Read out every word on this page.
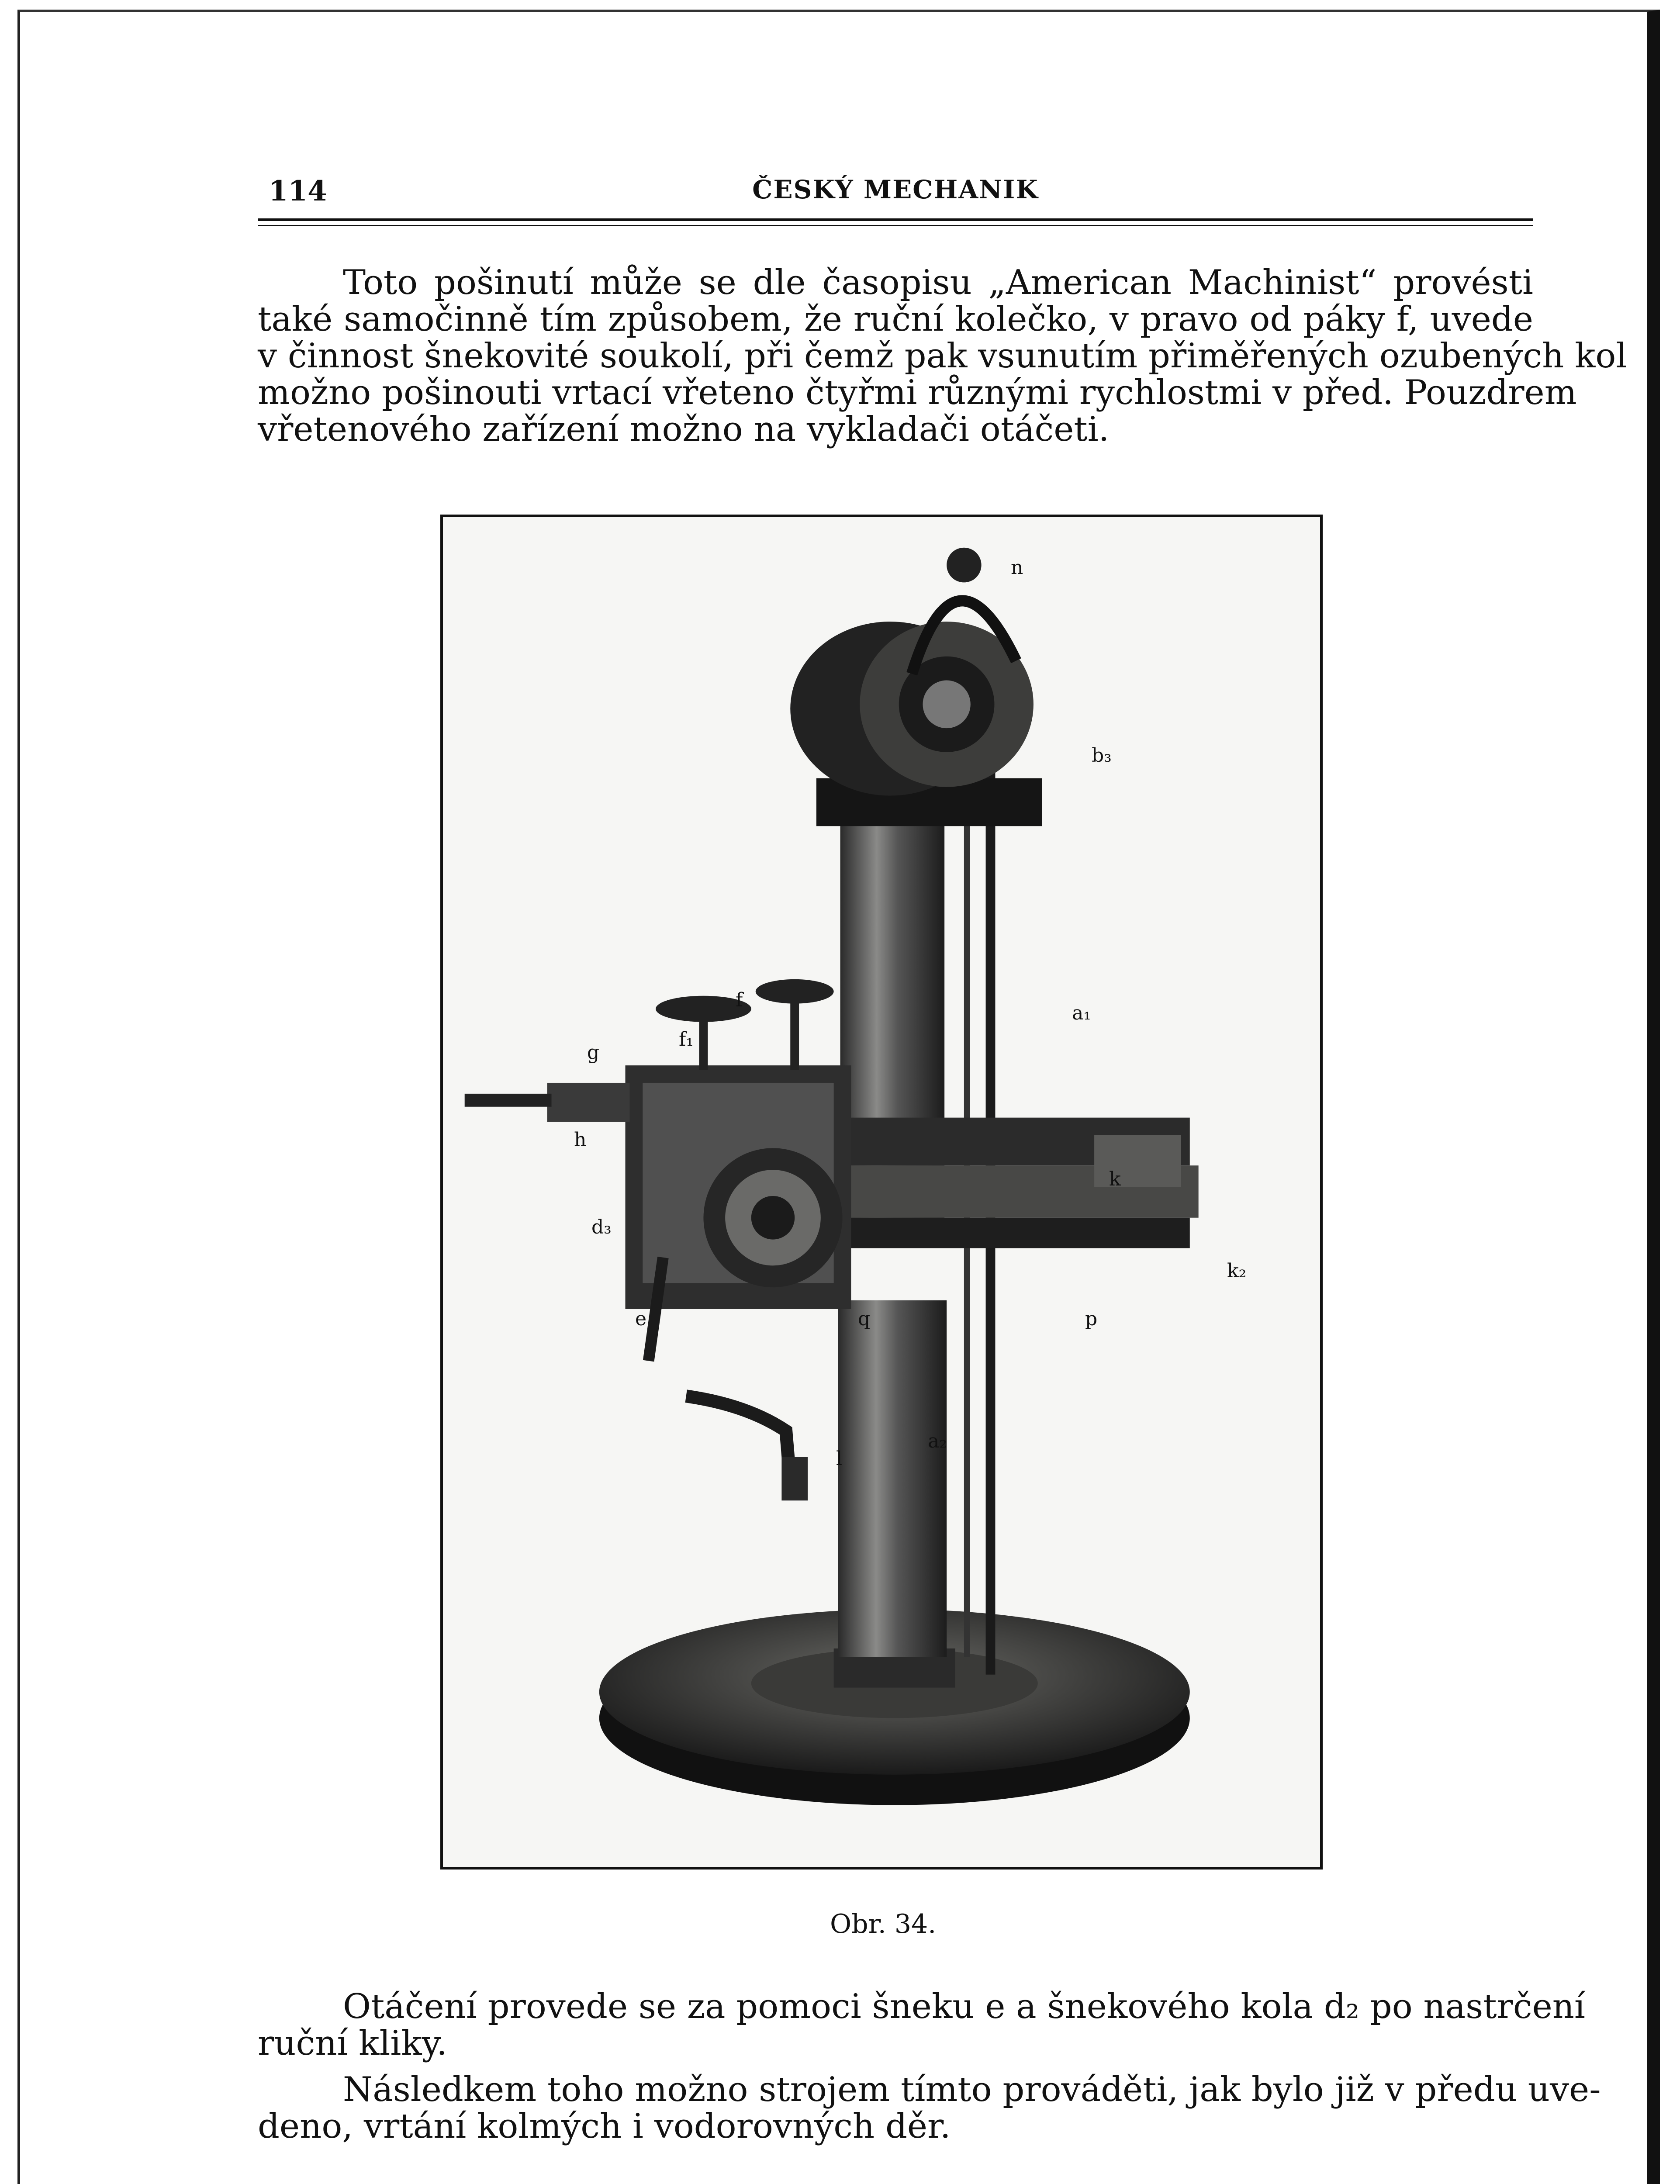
114	ČESKÝ MECHANIK
Toto pošinutí může se dle časopisu „American Machinist“ provésti
také samočinně tím způsobem, že ruční kolečko, v pravo od páky f, uvede
v činnost šnekovité soukolí, při čemž pak vsunutím přiměřených ozubených kol
možno pošinouti vrtací vřeteno čtyřmi různými rychlostmi v před. Pouzdrem
vřetenového zařízení možno na vykladači otáčeti.
n
b₃
a₁
f
f₁
g
h
k
d₃
k₂
e	q	p
a₂
l
Obr. 34.
Otáčení provede se za pomoci šneku e a šnekového kola d₂ po nastrčení
ruční kliky.
Následkem toho možno strojem tímto prováděti, jak bylo již v předu uve-
deno, vrtání kolmých i vodorovných děr.
